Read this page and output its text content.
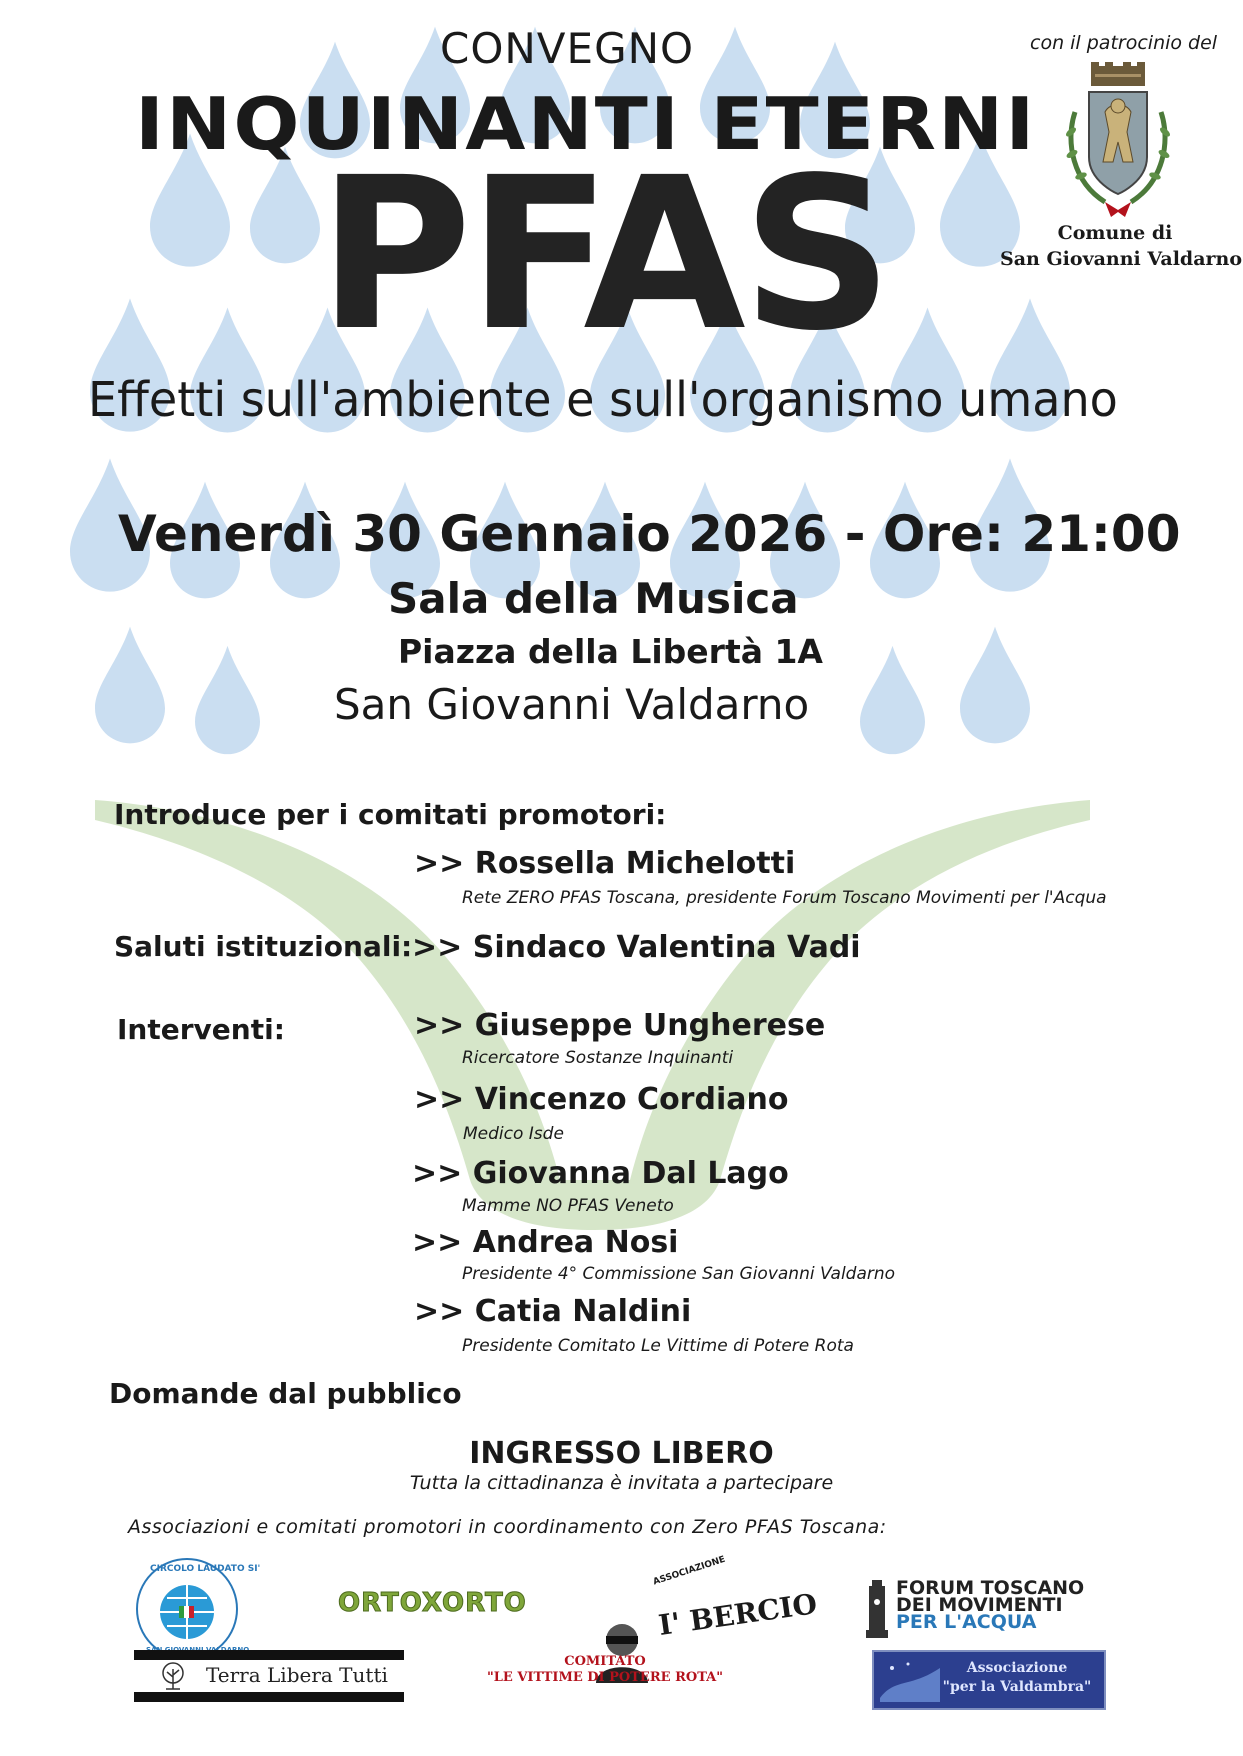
CONVEGNO
INQUINANTI ETERNI
PFAS
Effetti sull'ambiente e sull'organismo umano
con il patrocinio del
Comune di
San Giovanni Valdarno
Venerdì 30 Gennaio 2026 - Ore: 21:00
Sala della Musica
Piazza della Libertà 1A
San Giovanni Valdarno
Introduce per i comitati promotori:
>> Rossella Michelotti
Rete ZERO PFAS Toscana, presidente Forum Toscano Movimenti per l'Acqua
Saluti istituzionali: >> Sindaco Valentina Vadi
Interventi:	>> Giuseppe Ungherese
Ricercatore Sostanze Inquinanti
>> Vincenzo Cordiano
Medico Isde
>> Giovanna Dal Lago
Mamme NO PFAS Veneto
>> Andrea Nosi
Presidente 4° Commissione San Giovanni Valdarno
>> Catia Naldini
Presidente Comitato Le Vittime di Potere Rota
Domande dal pubblico
INGRESSO LIBERO
Tutta la cittadinanza è invitata a partecipare
Associazioni e comitati promotori in coordinamento con Zero PFAS Toscana:
CIRCOLO LAUDATO SI'
ORTOXORTO
ASSOCIAZIONE
I' BERCIO	FORUM TOSCANO
DEI MOVIMENTI
PER L'ACQUA
Terra Libera Tutti
COMITATO
"LE VITTIME DI POTERE ROTA"
Associazione
"per la Valdambra"
